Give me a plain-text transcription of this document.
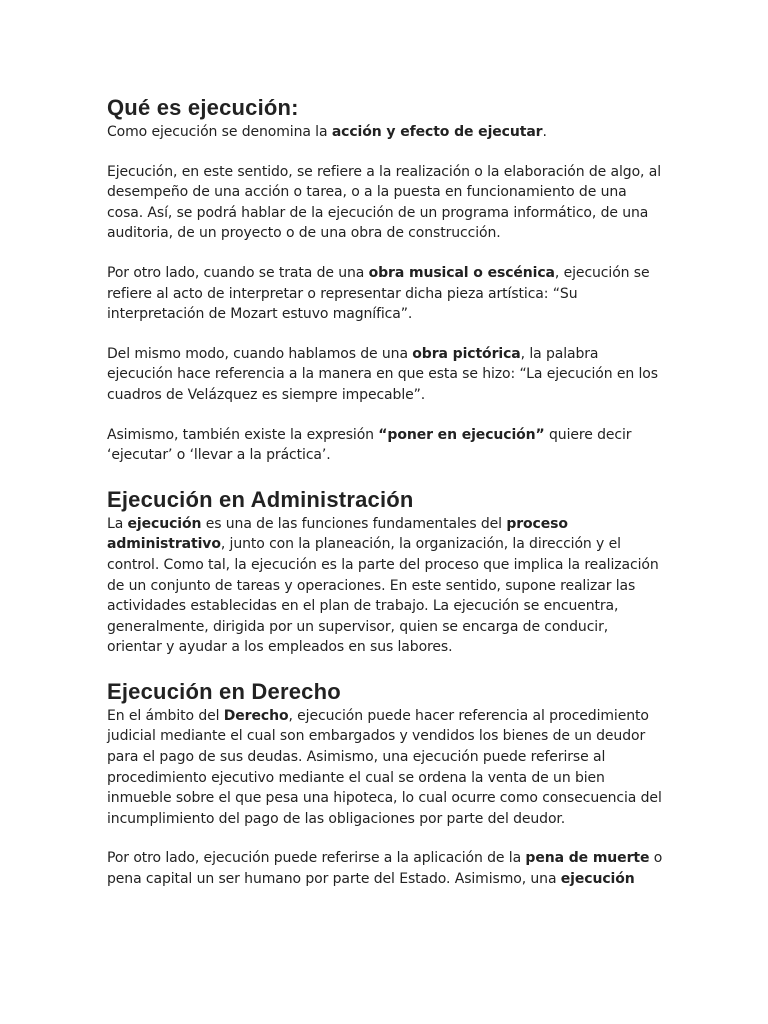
Qué es ejecución:

Como ejecución se denomina la acción y efecto de ejecutar.

Ejecución, en este sentido, se refiere a la realización o la elaboración de algo, al desempeño de una acción o tarea, o a la puesta en funcionamiento de una cosa. Así, se podrá hablar de la ejecución de un programa informático, de una auditoria, de un proyecto o de una obra de construcción.

Por otro lado, cuando se trata de una obra musical o escénica, ejecución se refiere al acto de interpretar o representar dicha pieza artística: “Su interpretación de Mozart estuvo magnífica”.

Del mismo modo, cuando hablamos de una obra pictórica, la palabra ejecución hace referencia a la manera en que esta se hizo: “La ejecución en los cuadros de Velázquez es siempre impecable”.

Asimismo, también existe la expresión “poner en ejecución” quiere decir ‘ejecutar’ o ‘llevar a la práctica’.

Ejecución en Administración

La ejecución es una de las funciones fundamentales del proceso administrativo, junto con la planeación, la organización, la dirección y el control. Como tal, la ejecución es la parte del proceso que implica la realización de un conjunto de tareas y operaciones. En este sentido, supone realizar las actividades establecidas en el plan de trabajo. La ejecución se encuentra, generalmente, dirigida por un supervisor, quien se encarga de conducir, orientar y ayudar a los empleados en sus labores.

Ejecución en Derecho

En el ámbito del Derecho, ejecución puede hacer referencia al procedimiento judicial mediante el cual son embargados y vendidos los bienes de un deudor para el pago de sus deudas. Asimismo, una ejecución puede referirse al procedimiento ejecutivo mediante el cual se ordena la venta de un bien inmueble sobre el que pesa una hipoteca, lo cual ocurre como consecuencia del incumplimiento del pago de las obligaciones por parte del deudor.

Por otro lado, ejecución puede referirse a la aplicación de la pena de muerte o pena capital un ser humano por parte del Estado. Asimismo, una ejecución
